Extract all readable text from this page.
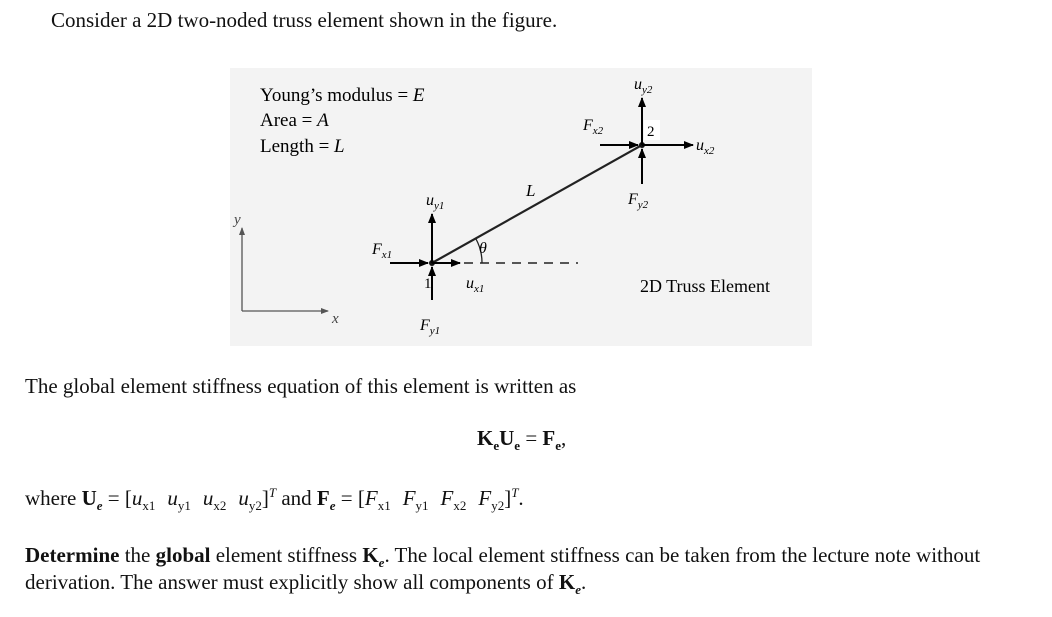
Consider a 2D two-noded truss element shown in the figure.
Young’s modulus = E
Area = A
Length = L
y
x
θ
L
1
$F_{x1}$
$F_{y1}$
$u_{y1}$
$u_{x1}$
2
$F_{x2}$
$F_{y2}$
$u_{y2}$
$u_{x2}$
2D Truss Element
The global element stiffness equation of this element is written as
$K_eU_e = F_e$,
where $U_e = [u_{x1}$ $u_{y1}$ $u_{x2}$ $u_{y2}]^T$ and $F_e = [F_{x1}$ $F_{y1}$ $F_{x2}$ $F_{y2}]^T$.
Determine the global element stiffness $K_e$. The local element stiffness can be taken from the lecture note without derivation. The answer must explicitly show all components of $K_e$.
